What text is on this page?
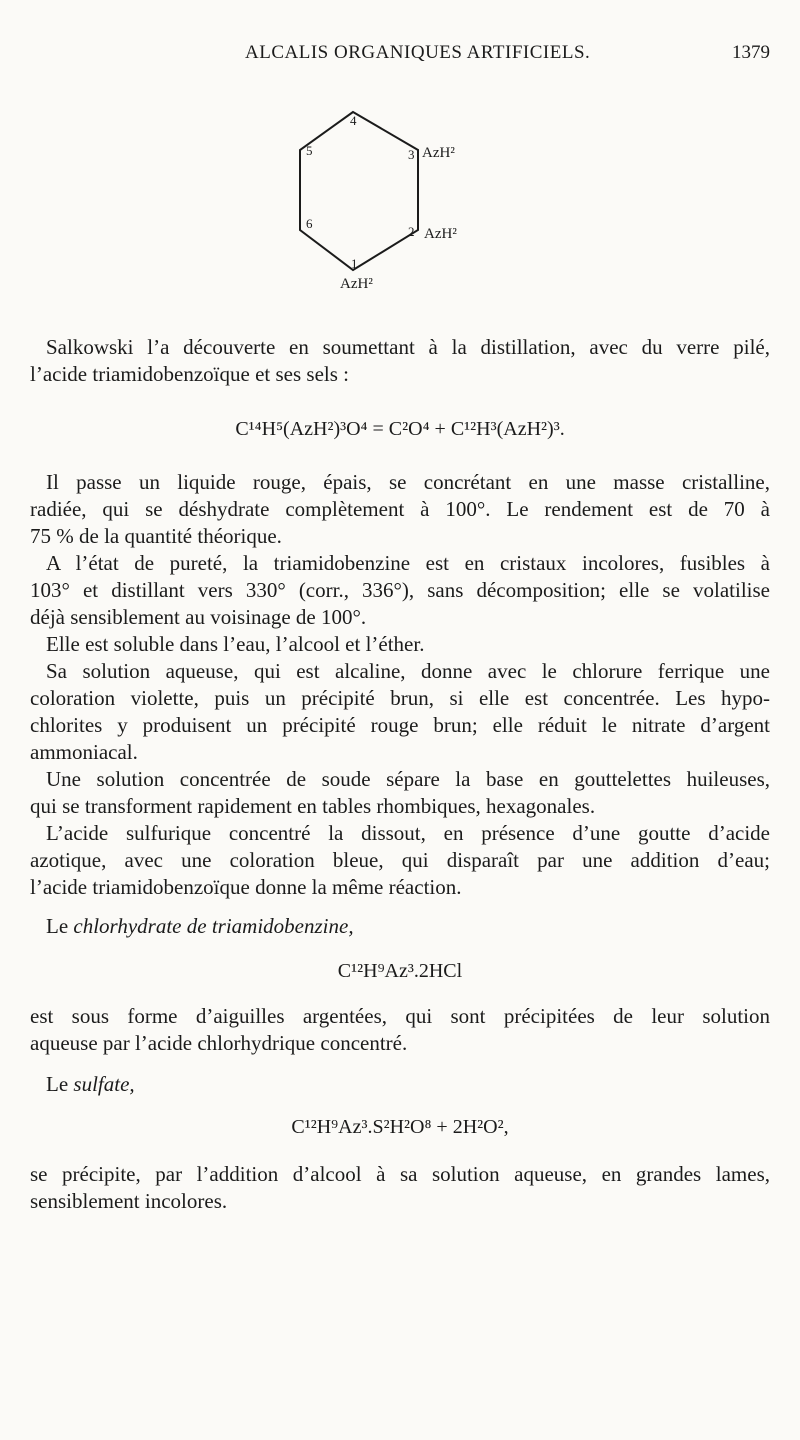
ALCALIS ORGANIQUES ARTIFICIELS.	1379
4
5	3
6
2
1
AzH²
AzH²
AzH²

Salkowski l’a découverte en soumettant à la distillation, avec du verre pilé,

l’acide triamidobenzoïque et ses sels :

C¹⁴H⁵(AzH²)³O⁴ = C²O⁴ + C¹²H³(AzH²)³.

Il passe un liquide rouge, épais, se concrétant en une masse cristalline,

radiée, qui se déshydrate complètement à 100°. Le rendement est de 70 à

75 % de la quantité théorique.

A l’état de pureté, la triamidobenzine est en cristaux incolores, fusibles à

103° et distillant vers 330° (corr., 336°), sans décomposition; elle se volatilise

déjà sensiblement au voisinage de 100°.

Elle est soluble dans l’eau, l’alcool et l’éther.

Sa solution aqueuse, qui est alcaline, donne avec le chlorure ferrique une

coloration violette, puis un précipité brun, si elle est concentrée. Les hypo-

chlorites y produisent un précipité rouge brun; elle réduit le nitrate d’argent

ammoniacal.

Une solution concentrée de soude sépare la base en gouttelettes huileuses,

qui se transforment rapidement en tables rhombiques, hexagonales.

L’acide sulfurique concentré la dissout, en présence d’une goutte d’acide

azotique, avec une coloration bleue, qui disparaît par une addition d’eau;

l’acide triamidobenzoïque donne la même réaction.

Le chlorhydrate de triamidobenzine,

C¹²H⁹Az³.2HCl

est sous forme d’aiguilles argentées, qui sont précipitées de leur solution

aqueuse par l’acide chlorhydrique concentré.

Le sulfate,

C¹²H⁹Az³.S²H²O⁸ + 2H²O²,

se précipite, par l’addition d’alcool à sa solution aqueuse, en grandes lames,

sensiblement incolores.
